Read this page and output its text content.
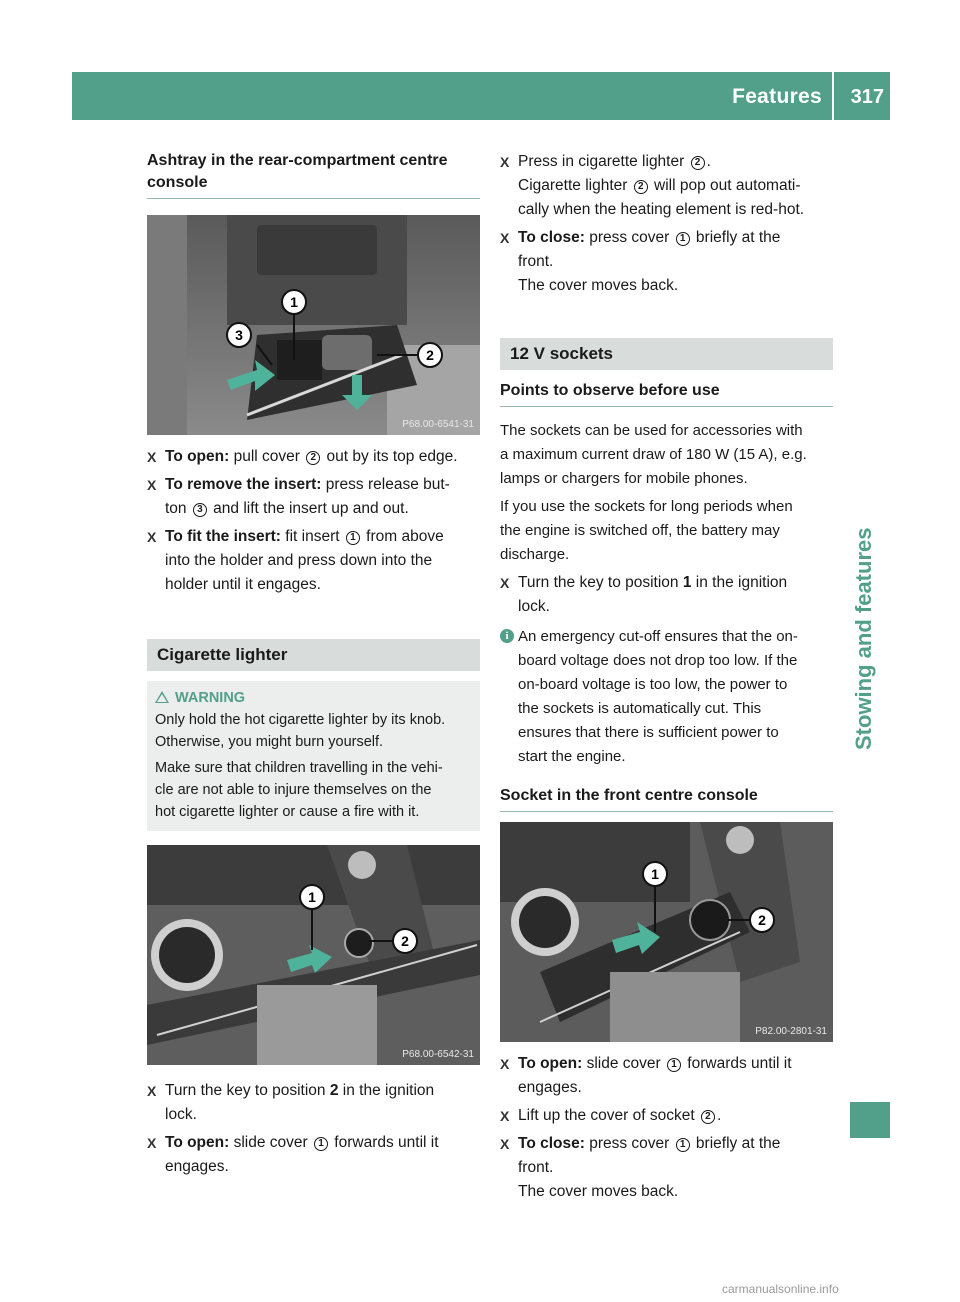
Features 317
Stowing and features
Ashtray in the rear-compartment centre
console
1
3
2
P68.00-6541-31
X To open: pull cover 2 out by its top edge.
X To remove the insert: press release but-
ton 3 and lift the insert up and out.
X To fit the insert: fit insert 1 from above
into the holder and press down into the
holder until it engages.
Cigarette lighter
WARNING
Only hold the hot cigarette lighter by its knob.
Otherwise, you might burn yourself.
Make sure that children travelling in the vehi-
cle are not able to injure themselves on the
hot cigarette lighter or cause a fire with it.
1
2
P68.00-6542-31
X Turn the key to position 2 in the ignition
lock.
X To open: slide cover 1 forwards until it
engages.
X Press in cigarette lighter 2 .
Cigarette lighter 2 will pop out automati-
cally when the heating element is red-hot.
X To close: press cover 1 briefly at the
front.
The cover moves back.
12 V sockets
Points to observe before use
The sockets can be used for accessories with
a maximum current draw of 180 W (15 A), e.g.
lamps or chargers for mobile phones.
If you use the sockets for long periods when
the engine is switched off, the battery may
discharge.
X Turn the key to position 1 in the ignition
lock.
i An emergency cut-off ensures that the on-
board voltage does not drop too low. If the
on-board voltage is too low, the power to
the sockets is automatically cut. This
ensures that there is sufficient power to
start the engine.
Socket in the front centre console
1
2
P82.00-2801-31
X To open: slide cover 1 forwards until it
engages.
X Lift up the cover of socket 2 .
X To close: press cover 1 briefly at the
front.
The cover moves back.
carmanualsonline.info
